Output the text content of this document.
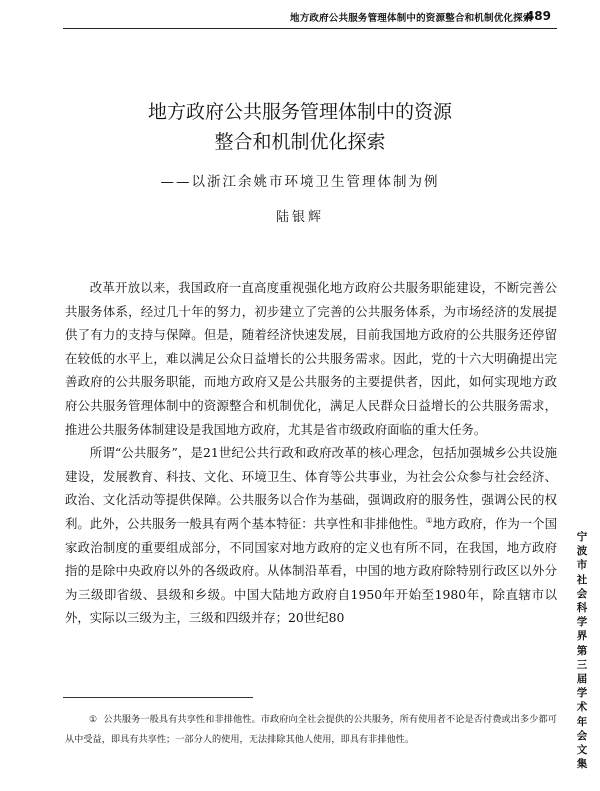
地方政府公共服务管理体制中的资源整合和机制优化探索
489
地方政府公共服务管理体制中的资源
整合和机制优化探索
——以浙江余姚市环境卫生管理体制为例
陆银辉

改革开放以来，我国政府一直高度重视强化地方政府公共服务职能建设，不断完善公共服务体系，经过几十年的努力，初步建立了完善的公共服务体系，为市场经济的发展提供了有力的支持与保障。但是，随着经济快速发展，目前我国地方政府的公共服务还停留在较低的水平上，难以满足公众日益增长的公共服务需求。因此，党的十六大明确提出完善政府的公共服务职能，而地方政府又是公共服务的主要提供者，因此，如何实现地方政府公共服务管理体制中的资源整合和机制优化，满足人民群众日益增长的公共服务需求，推进公共服务体制建设是我国地方政府，尤其是省市级政府面临的重大任务。

所谓“公共服务”，是21世纪公共行政和政府改革的核心理念，包括加强城乡公共设施建设，发展教育、科技、文化、环境卫生、体育等公共事业，为社会公众参与社会经济、政治、文化活动等提供保障。公共服务以合作为基础，强调政府的服务性，强调公民的权利。此外，公共服务一般具有两个基本特征：共享性和非排他性。①地方政府，作为一个国家政治制度的重要组成部分，不同国家对地方政府的定义也有所不同，在我国，地方政府指的是除中央政府以外的各级政府。从体制沿革看，中国的地方政府除特别行政区以外分为三级即省级、县级和乡级。中国大陆地方政府自1950年开始至1980年，除直辖市以外，实际以三级为主，三级和四级并存；20世纪80

① 公共服务一般具有共享性和非排他性。市政府向全社会提供的公共服务，所有使用者不论是否付费或出多少都可从中受益，即具有共享性；一部分人的使用，无法排除其他人使用，即具有非排他性。
宁波市社会科学界第三届学术年会文集
